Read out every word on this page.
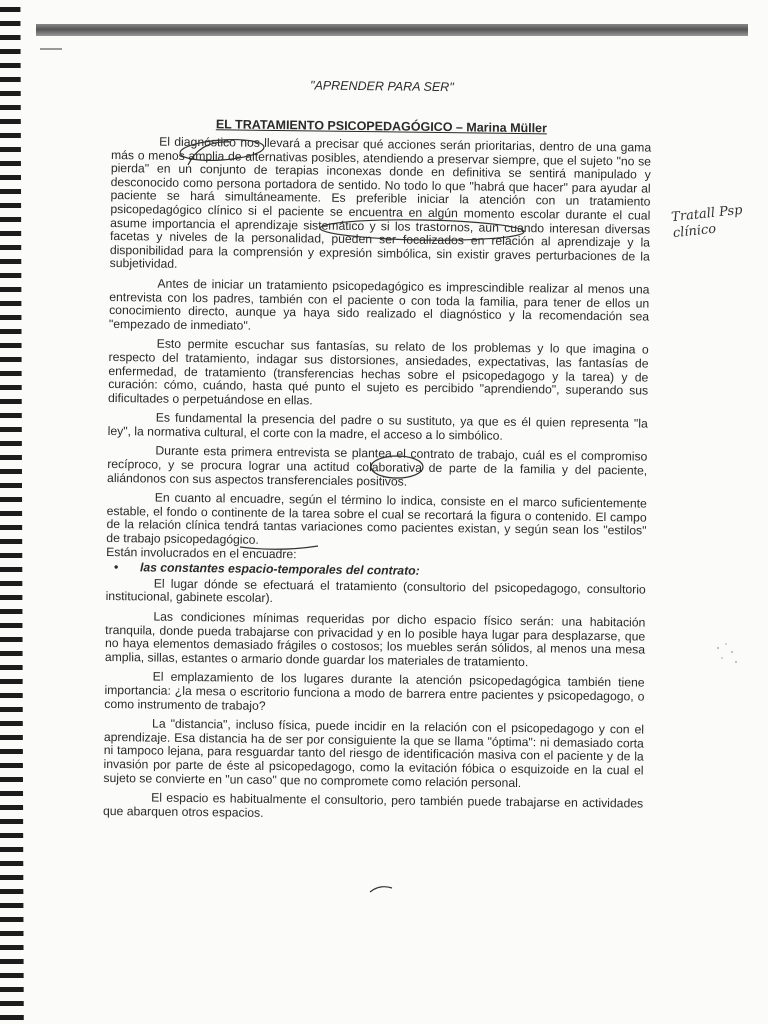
"APRENDER PARA SER"

EL TRATAMIENTO PSICOPEDAGÓGICO – Marina Müller

El diagnóstico nos llevará a precisar qué acciones serán prioritarias, dentro de una gama más o menos amplia de alternativas posibles, atendiendo a preservar siempre, que el sujeto "no se pierda" en un conjunto de terapias inconexas donde en definitiva se sentirá manipulado y desconocido como persona portadora de sentido. No todo lo que "habrá que hacer" para ayudar al paciente se hará simultáneamente. Es preferible iniciar la atención con un tratamiento psicopedagógico clínico si el paciente se encuentra en algún momento escolar durante el cual asume importancia el aprendizaje sistemático y si los trastornos, aun cuando interesan diversas facetas y niveles de la personalidad, pueden ser focalizados en relación al aprendizaje y la disponibilidad para la comprensión y expresión simbólica, sin existir graves perturbaciones de la subjetividad.

Antes de iniciar un tratamiento psicopedagógico es imprescindible realizar al menos una entrevista con los padres, también con el paciente o con toda la familia, para tener de ellos un conocimiento directo, aunque ya haya sido realizado el diagnóstico y la recomendación sea "empezado de inmediato".

Esto permite escuchar sus fantasías, su relato de los problemas y lo que imagina o respecto del tratamiento, indagar sus distorsiones, ansiedades, expectativas, las fantasías de enfermedad, de tratamiento (transferencias hechas sobre el psicopedagogo y la tarea) y de curación: cómo, cuándo, hasta qué punto el sujeto es percibido "aprendiendo", superando sus dificultades o perpetuándose en ellas.

Es fundamental la presencia del padre o su sustituto, ya que es él quien representa "la ley", la normativa cultural, el corte con la madre, el acceso a lo simbólico.

Durante esta primera entrevista se plantea el contrato de trabajo, cuál es el compromiso recíproco, y se procura lograr una actitud colaborativa de parte de la familia y del paciente, aliándonos con sus aspectos transferenciales positivos.

En cuanto al encuadre, según el término lo indica, consiste en el marco suficientemente estable, el fondo o continente de la tarea sobre el cual se recortará la figura o contenido. El campo de la relación clínica tendrá tantas variaciones como pacientes existan, y según sean los "estilos" de trabajo psicopedagógico.

Están involucrados en el encuadre:

• las constantes espacio-temporales del contrato:

El lugar dónde se efectuará el tratamiento (consultorio del psicopedagogo, consultorio institucional, gabinete escolar).

Las condiciones mínimas requeridas por dicho espacio físico serán: una habitación tranquila, donde pueda trabajarse con privacidad y en lo posible haya lugar para desplazarse, que no haya elementos demasiado frágiles o costosos; los muebles serán sólidos, al menos una mesa amplia, sillas, estantes o armario donde guardar los materiales de tratamiento.

El emplazamiento de los lugares durante la atención psicopedagógica también tiene importancia: ¿la mesa o escritorio funciona a modo de barrera entre pacientes y psicopedagogo, o como instrumento de trabajo?

La "distancia", incluso física, puede incidir en la relación con el psicopedagogo y con el aprendizaje. Esa distancia ha de ser por consiguiente la que se llama "óptima": ni demasiado corta ni tampoco lejana, para resguardar tanto del riesgo de identificación masiva con el paciente y de la invasión por parte de éste al psicopedagogo, como la evitación fóbica o esquizoide en la cual el sujeto se convierte en "un caso" que no compromete como relación personal.

El espacio es habitualmente el consultorio, pero también puede trabajarse en actividades que abarquen otros espacios.

Tratall Psp clínico
